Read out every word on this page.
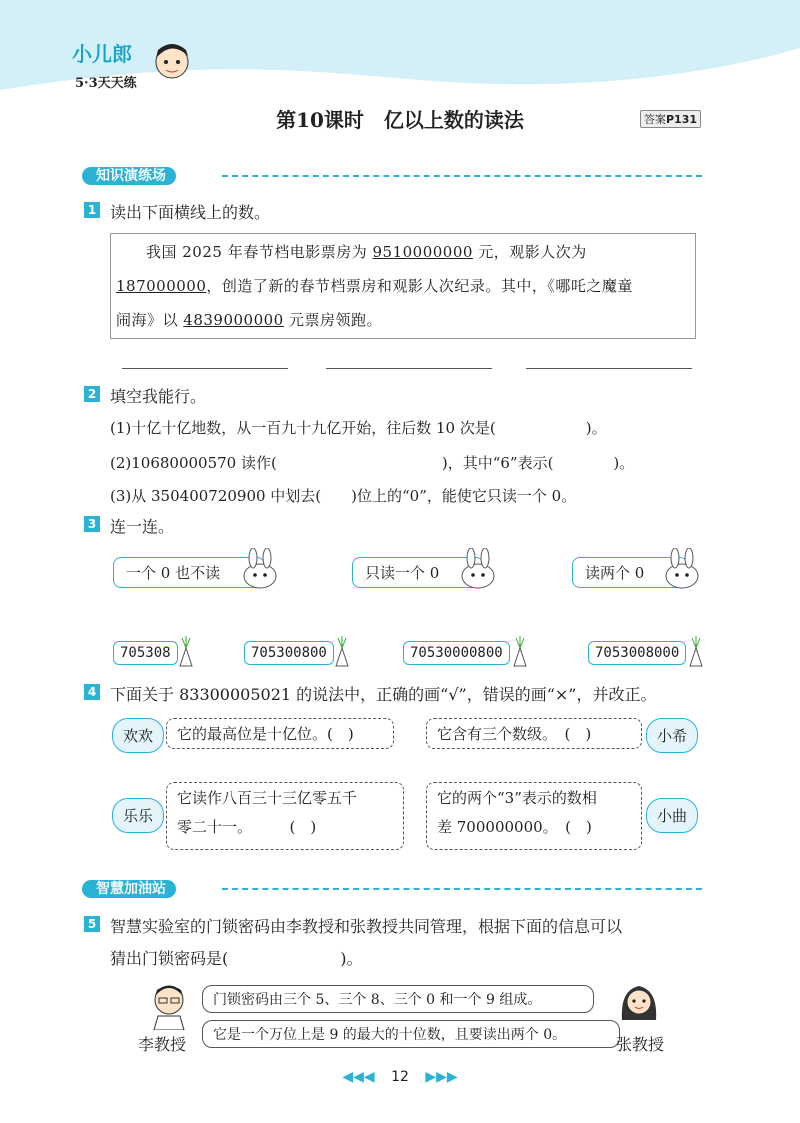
小儿郎
5·3天天练
第10课时　亿以上数的读法	答案P131
知识演练场
1 读出下面横线上的数。
我国 2025 年春节档电影票房为 9510000000 元，观影人次为
187000000，创造了新的春节档票房和观影人次纪录。其中，《哪吒之魔童
闹海》以 4839000000 元票房领跑。
2 填空我能行。
(1)十亿十亿地数，从一百九十九亿开始，往后数 10 次是(　　　　　　)。
(2)10680000570 读作(　　　　　　　　　　　)，其中“6”表示(　　　　)。
(3)从 350400720900 中划去(　　)位上的“0”，能使它只读一个 0。
3 连一连。
一个 0 也不读	只读一个 0	读两个 0
705308	705300800	70530000800	7053008000
4 下面关于 83300005021 的说法中，正确的画“√”，错误的画“×”，并改正。
欢欢	它的最高位是十亿位。(　)	它含有三个数级。　(　)	小希
乐乐
它读作八百三十三亿零五千
零二十一。　　　(　)
它的两个“3”表示的数相
差 700000000。　(　)
小曲
智慧加油站
5 智慧实验室的门锁密码由李教授和张教授共同管理，根据下面的信息可以
猜出门锁密码是(　　　　　　　)。
李教授
门锁密码由三个 5、三个 8、三个 0 和一个 9 组成。
它是一个万位上是 9 的最大的十位数，且要读出两个 0。	张教授
◀◀◀ 12 ▶▶▶
